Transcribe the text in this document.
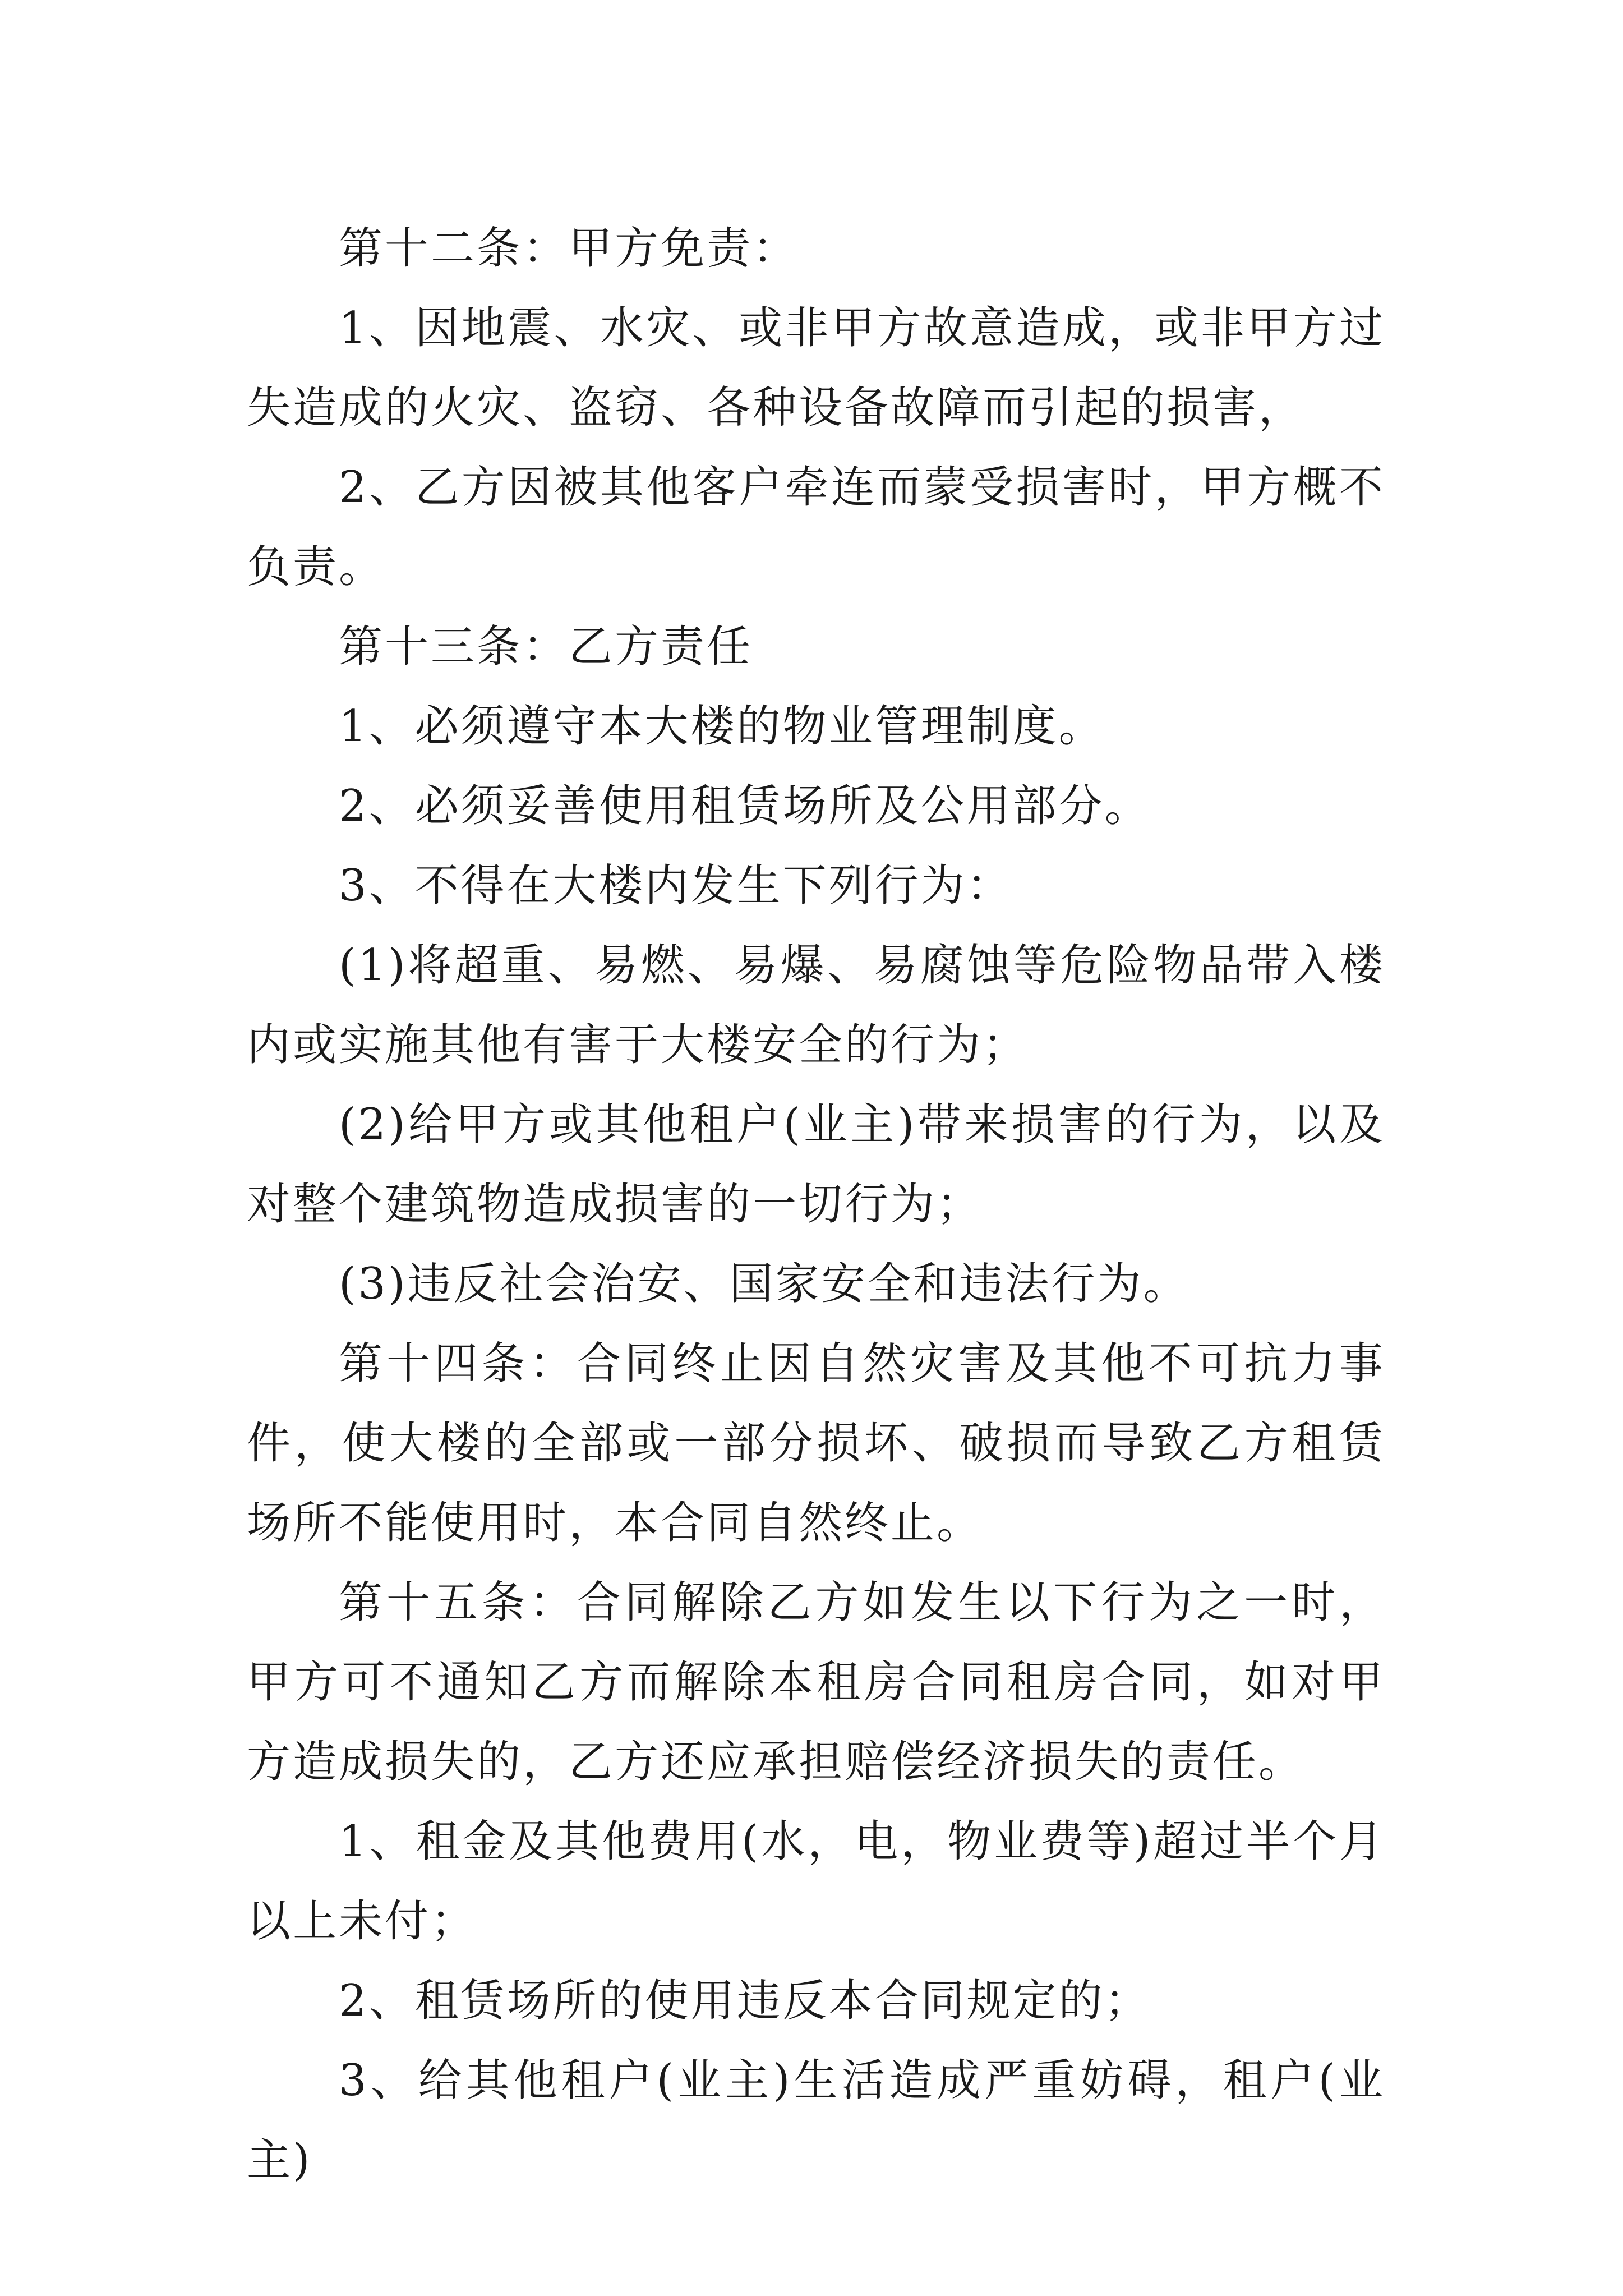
第十二条：甲方免责：

1、因地震、水灾、或非甲方故意造成，或非甲方过失造成的火灾、盗窃、各种设备故障而引起的损害，

2、乙方因被其他客户牵连而蒙受损害时，甲方概不负责。

第十三条：乙方责任

1、必须遵守本大楼的物业管理制度。

2、必须妥善使用租赁场所及公用部分。

3、不得在大楼内发生下列行为：

(1)将超重、易燃、易爆、易腐蚀等危险物品带入楼内或实施其他有害于大楼安全的行为；

(2)给甲方或其他租户(业主)带来损害的行为，以及对整个建筑物造成损害的一切行为；

(3)违反社会治安、国家安全和违法行为。

第十四条：合同终止因自然灾害及其他不可抗力事件，使大楼的全部或一部分损坏、破损而导致乙方租赁场所不能使用时，本合同自然终止。

第十五条：合同解除乙方如发生以下行为之一时，甲方可不通知乙方而解除本租房合同租房合同，如对甲方造成损失的，乙方还应承担赔偿经济损失的责任。

1、租金及其他费用(水，电，物业费等)超过半个月以上未付；

2、租赁场所的使用违反本合同规定的；

3、给其他租户(业主)生活造成严重妨碍，租户(业主)
